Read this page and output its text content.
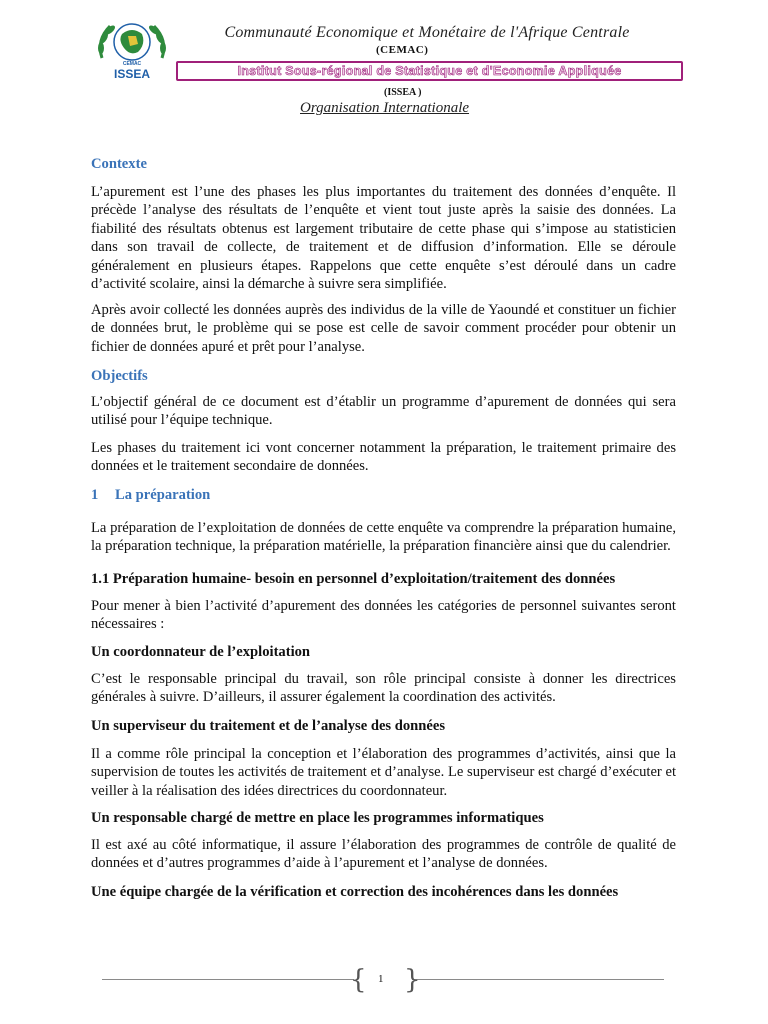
CEMAC
ISSEA
Communauté Economique et Monétaire de l'Afrique Centrale
(CEMAC)
Institut Sous-régional de Statistique et d'Economie Appliquée
(ISSEA )
Organisation Internationale
Contexte

L’apurement est l’une des phases les plus importantes du traitement des données d’enquête. Il précède l’analyse des résultats de l’enquête et vient tout juste après la saisie des données. La fiabilité des résultats obtenus est largement tributaire de cette phase qui s’impose au statisticien dans son travail de collecte, de traitement et de diffusion d’information. Elle se déroule généralement en plusieurs étapes. Rappelons que cette enquête s’est déroulé dans un cadre d’activité scolaire, ainsi la démarche à suivre sera simplifiée.

Après avoir collecté les données auprès des individus de la ville de Yaoundé et constituer un fichier de données brut, le problème qui se pose est celle de savoir comment procéder pour obtenir un fichier de données apuré et prêt pour l’analyse.

Objectifs

L’objectif général de ce document est d’établir un programme d’apurement de données qui sera utilisé pour l’équipe technique.

Les phases du traitement ici vont concerner notamment la préparation, le traitement primaire des données et le traitement secondaire de données.

1 La préparation

La préparation de l’exploitation de données de cette enquête va comprendre la préparation humaine, la préparation technique, la préparation matérielle, la préparation financière ainsi que du calendrier.

1.1 Préparation humaine- besoin en personnel d’exploitation/traitement des données

Pour mener à bien l’activité d’apurement des données les catégories de personnel suivantes seront nécessaires :

Un coordonnateur de l’exploitation

C’est le responsable principal du travail, son rôle principal consiste à donner les directrices générales à suivre. D’ailleurs, il assurer également la coordination des activités.

Un superviseur du traitement et de l’analyse des données

Il a comme rôle principal la conception et l’élaboration des programmes d’activités, ainsi que la supervision de toutes les activités de traitement et d’analyse. Le superviseur est chargé d’exécuter et veiller à la réalisation des idées directrices du coordonnateur.

Un responsable chargé de mettre en place les programmes informatiques

Il est axé au côté informatique, il assure l’élaboration des programmes de contrôle de qualité de données et d’autres programmes d’aide à l’apurement et l’analyse de données.

Une équipe chargée de la vérification et correction des incohérences dans les données

{ }
1
